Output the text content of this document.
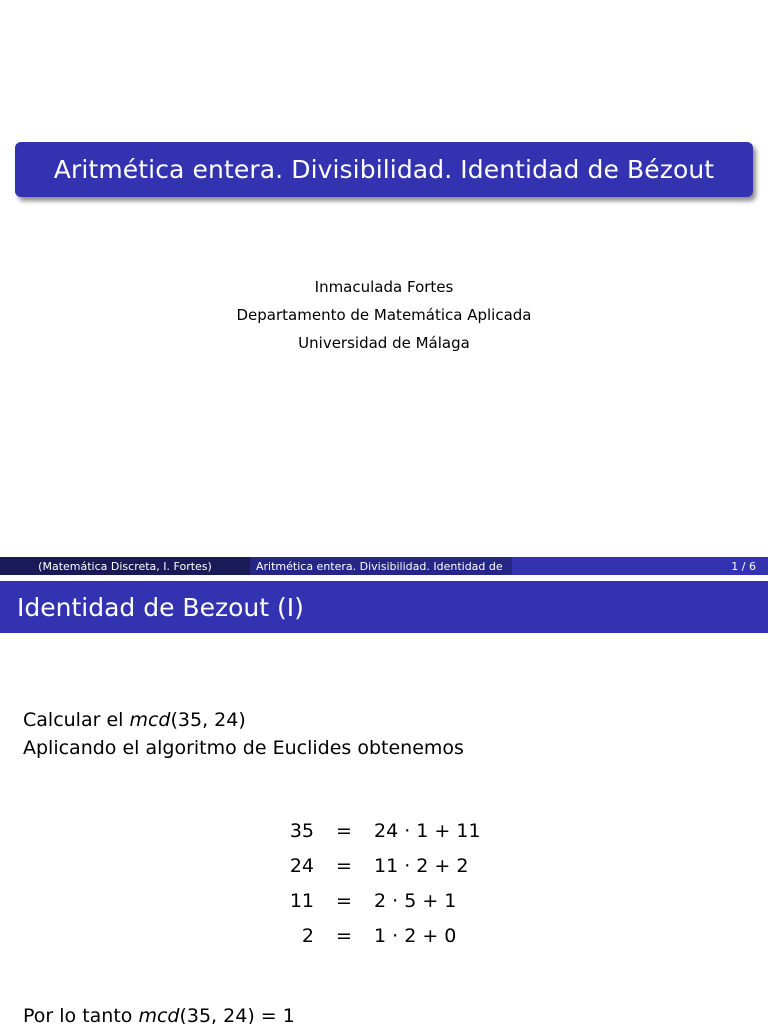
Aritmética entera. Divisibilidad. Identidad de Bézout
Inmaculada Fortes
Departamento de Matemática Aplicada
Universidad de Málaga
(Matemática Discreta, I. Fortes)	Aritmética entera. Divisibilidad. Identidad de	1 / 6
Identidad de Bezout (I)
Calcular el mcd(35, 24)
Aplicando el algoritmo de Euclides obtenemos
35	=	24 · 1 + 11
24	=	11 · 2 + 2
11	=	2 · 5 + 1
2	=	1 · 2 + 0
Por lo tanto mcd(35, 24) = 1
